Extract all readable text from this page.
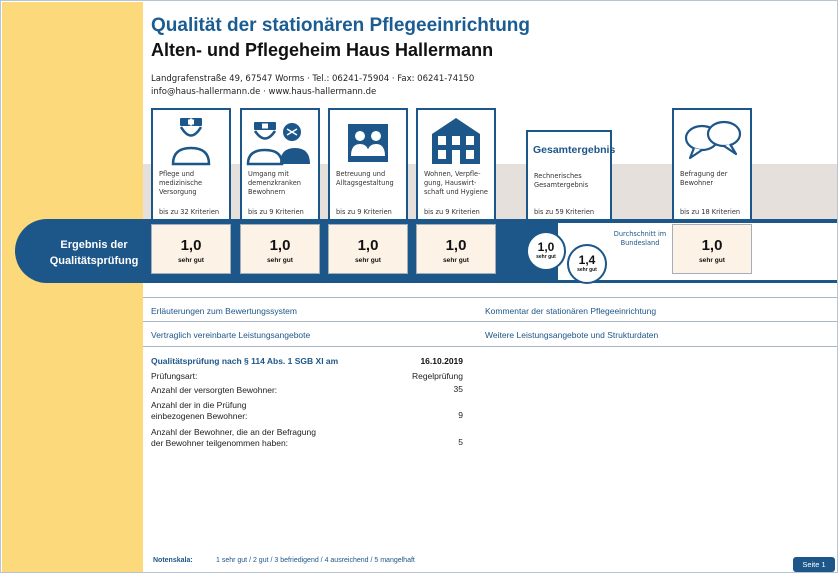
Qualität der stationären Pflegeeinrichtung
Alten- und Pflegeheim Haus Hallermann
Landgrafenstraße 49, 67547 Worms · Tel.: 06241-75904 · Fax: 06241-74150
info@haus-hallermann.de · www.haus-hallermann.de
Pflege und medizinische Versorgung
bis zu 32 Kriterien
Umgang mit demenzkranken Bewohnern
bis zu 9 Kriterien
Betreuung und Alltagsgestaltung
bis zu 9 Kriterien
Wohnen, Verpfle-gung, Hauswirt-schaft und Hygiene
bis zu 9 Kriterien
Gesamtergebnis
Rechnerisches Gesamtergebnis
bis zu 59 Kriterien
Befragung der Bewohner
bis zu 18 Kriterien
Ergebnis der Qualitätsprüfung
1,0
sehr gut
1,0
sehr gut
1,0
sehr gut
1,0
sehr gut
1,0
sehr gut	1,4
sehr gut
Durchschnitt im Bundesland	1,0
sehr gut
Erläuterungen zum Bewertungssystem	Kommentar der stationären Pflegeeinrichtung
Vertraglich vereinbarte Leistungsangebote	Weitere Leistungsangebote und Strukturdaten
Qualitätsprüfung nach § 114 Abs. 1 SGB XI am	16.10.2019
Prüfungsart:	Regelprüfung
Anzahl der versorgten Bewohner:	35
Anzahl der in die Prüfung
einbezogenen Bewohner:	9
Anzahl der Bewohner, die an der Befragung
der Bewohner teilgenommen haben:	5
Notenskala:	1 sehr gut / 2 gut / 3 befriedigend / 4 ausreichend / 5 mangelhaft	Seite 1
